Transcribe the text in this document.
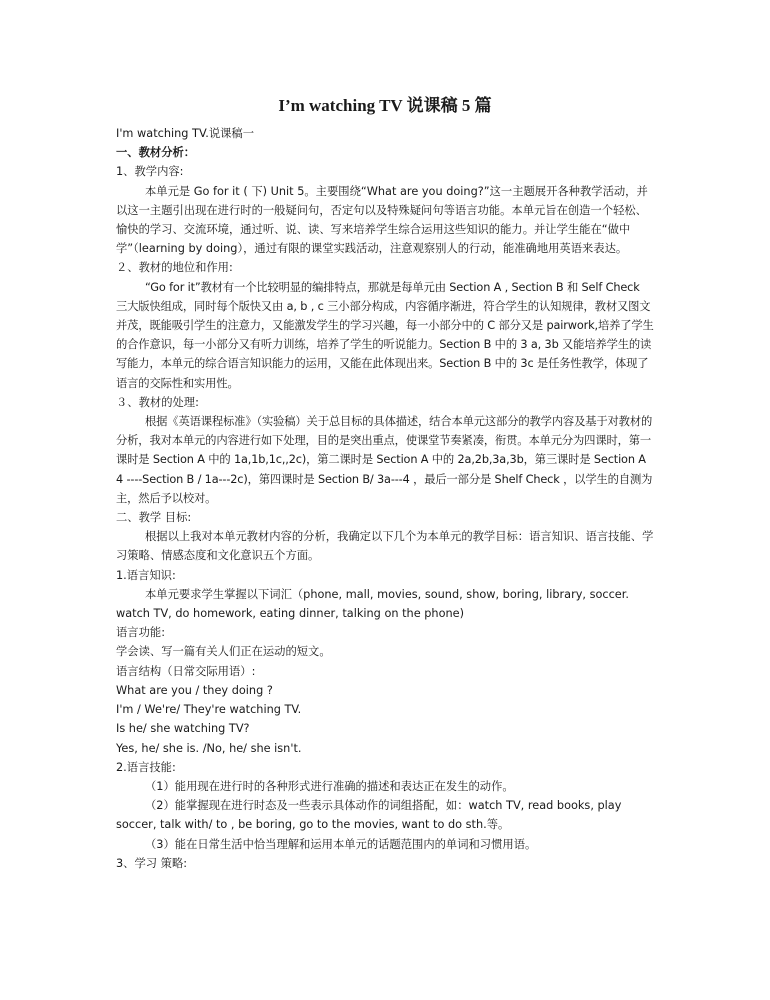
I’m watching TV 说课稿 5 篇

I'm watching TV.说课稿一

一、教材分析：

1、教学内容:

本单元是 Go for it ( 下) Unit 5。主要围绕“What are you doing?”这一主题展开各种教学活动，并以这一主题引出现在进行时的一般疑问句，否定句以及特殊疑问句等语言功能。本单元旨在创造一个轻松、愉快的学习、交流环境，通过听、说、读、写来培养学生综合运用这些知识的能力。并让学生能在“做中学”（learning by doing），通过有限的课堂实践活动，注意观察别人的行动，能准确地用英语来表达。

２、教材的地位和作用:

“Go for it”教材有一个比较明显的编排特点，那就是每单元由 Section A , Section B 和 Self Check 三大版快组成，同时每个版快又由 a, b , c 三小部分构成，内容循序渐进，符合学生的认知规律，教材又图文并茂，既能吸引学生的注意力，又能激发学生的学习兴趣，每一小部分中的 C 部分又是 pairwork,培养了学生的合作意识，每一小部分又有听力训练，培养了学生的听说能力。Section B 中的 3 a, 3b 又能培养学生的读写能力，本单元的综合语言知识能力的运用，又能在此体现出来。Section B 中的 3c 是任务性教学，体现了语言的交际性和实用性。

３、教材的处理:

根据《英语课程标准》（实验稿）关于总目标的具体描述，结合本单元这部分的教学内容及基于对教材的分析，我对本单元的内容进行如下处理，目的是突出重点，使课堂节奏紧凑，衔贯。本单元分为四课时，第一课时是 Section A 中的 1a,1b,1c,,2c)，第二课时是 Section A 中的 2a,2b,3a,3b，第三课时是 Section A 4 ----Section B / 1a---2c)，第四课时是 Section B/ 3a---4 ，最后一部分是 Shelf Check ，以学生的自测为主，然后予以校对。

二、教学 目标:

根据以上我对本单元教材内容的分析，我确定以下几个为本单元的教学目标：语言知识、语言技能、学习策略、情感态度和文化意识五个方面。

1.语言知识:

本单元要求学生掌握以下词汇（phone, mall, movies, sound, show, boring, library, soccer. watch TV, do homework, eating dinner, talking on the phone)

语言功能:

学会读、写一篇有关人们正在运动的短文。

语言结构（日常交际用语）:

What are you / they doing ?

I'm / We're/ They're watching TV.

Is he/ she watching TV?

Yes, he/ she is. /No, he/ she isn't.

2.语言技能:

（1）能用现在进行时的各种形式进行准确的描述和表达正在发生的动作。

（2）能掌握现在进行时态及一些表示具体动作的词组搭配，如：watch TV, read books, play soccer, talk with/ to , be boring, go to the movies, want to do sth.等。

（3）能在日常生活中恰当理解和运用本单元的话题范围内的单词和习惯用语。

3、学习 策略:
